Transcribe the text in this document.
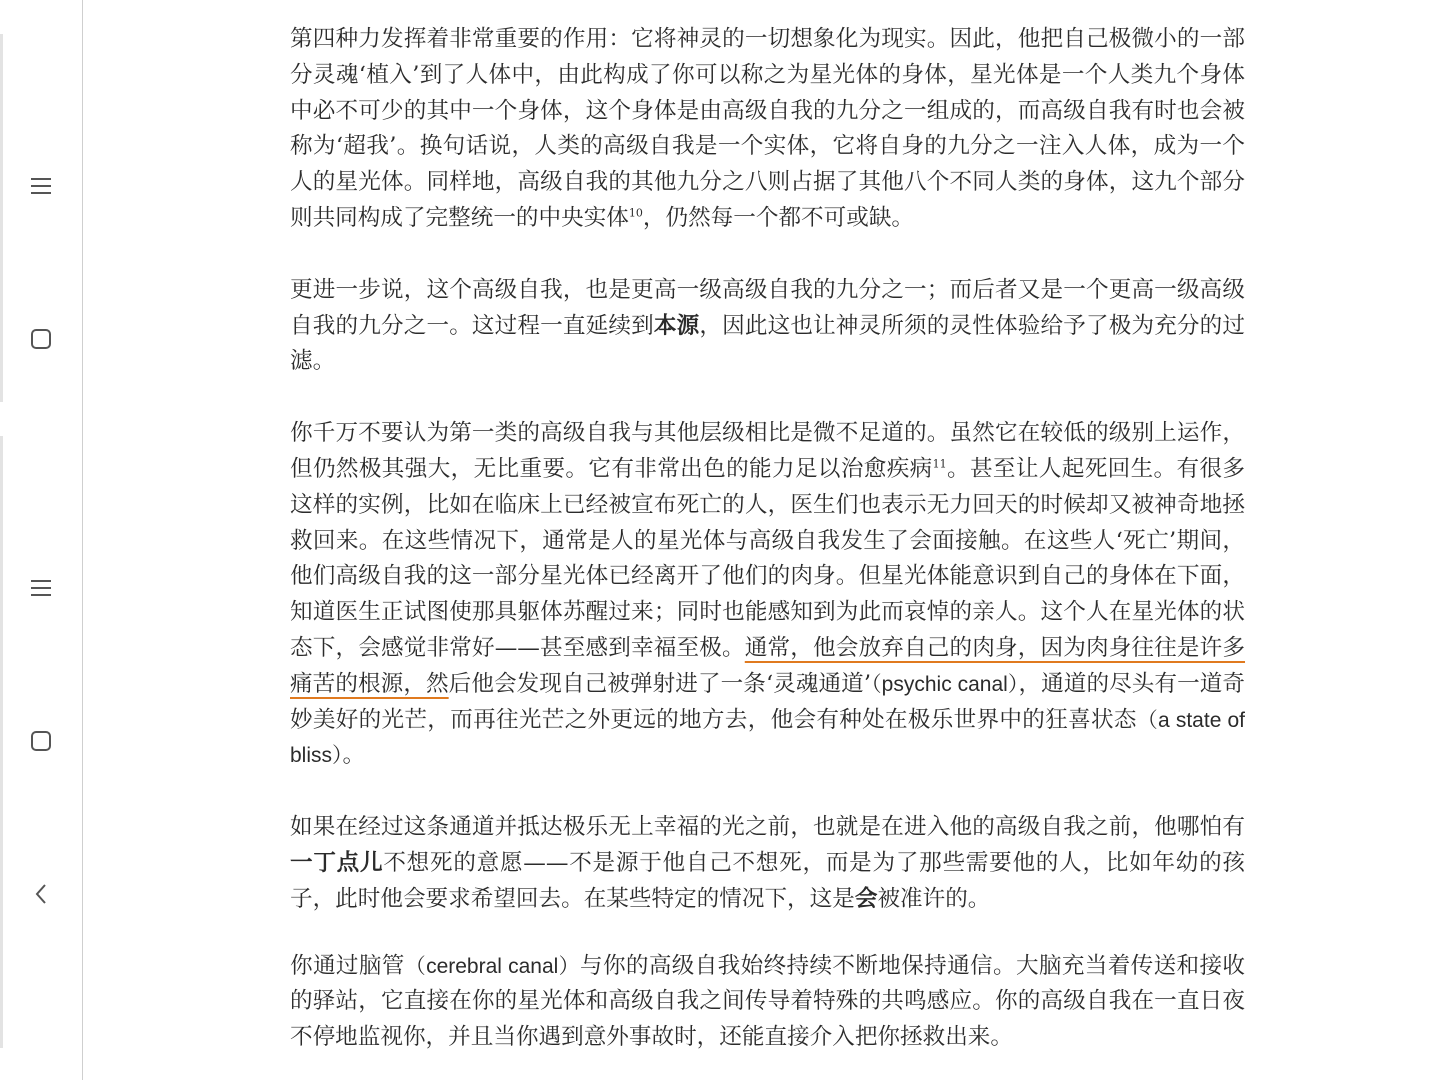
第四种力发挥着非常重要的作用：它将神灵的一切想象化为现实。因此，他把自己极微小的一部分灵魂‘植入’到了人体中，由此构成了你可以称之为星光体的身体，星光体是一个人类九个身体中必不可少的其中一个身体，这个身体是由高级自我的九分之一组成的，而高级自我有时也会被称为‘超我’。换句话说，人类的高级自我是一个实体，它将自身的九分之一注入人体，成为一个人的星光体。同样地，高级自我的其他九分之八则占据了其他八个不同人类的身体，这九个部分则共同构成了完整统一的中央实体$^{10}$，仍然每一个都不可或缺。

更进一步说，这个高级自我，也是更高一级高级自我的九分之一；而后者又是一个更高一级高级自我的九分之一。这过程一直延续到本源，因此这也让神灵所须的灵性体验给予了极为充分的过滤。

你千万不要认为第一类的高级自我与其他层级相比是微不足道的。虽然它在较低的级别上运作，但仍然极其强大，无比重要。它有非常出色的能力足以治愈疾病$^{11}$。甚至让人起死回生。有很多这样的实例，比如在临床上已经被宣布死亡的人，医生们也表示无力回天的时候却又被神奇地拯救回来。在这些情况下，通常是人的星光体与高级自我发生了会面接触。在这些人‘死亡’期间，他们高级自我的这一部分星光体已经离开了他们的肉身。但星光体能意识到自己的身体在下面，知道医生正试图使那具躯体苏醒过来；同时也能感知到为此而哀悼的亲人。这个人在星光体的状态下，会感觉非常好——甚至感到幸福至极。通常，他会放弃自己的肉身，因为肉身往往是许多痛苦的根源，然后他会发现自己被弹射进了一条‘灵魂通道’（psychic canal），通道的尽头有一道奇妙美好的光芒，而再往光芒之外更远的地方去，他会有种处在极乐世界中的狂喜状态（a state of bliss）。

如果在经过这条通道并抵达极乐无上幸福的光之前，也就是在进入他的高级自我之前，他哪怕有一丁点儿不想死的意愿——不是源于他自己不想死，而是为了那些需要他的人，比如年幼的孩子，此时他会要求希望回去。在某些特定的情况下，这是会被准许的。

你通过脑管（cerebral canal）与你的高级自我始终持续不断地保持通信。大脑充当着传送和接收的驿站，它直接在你的星光体和高级自我之间传导着特殊的共鸣感应。你的高级自我在一直日夜不停地监视你，并且当你遇到意外事故时，还能直接介入把你拯救出来。
